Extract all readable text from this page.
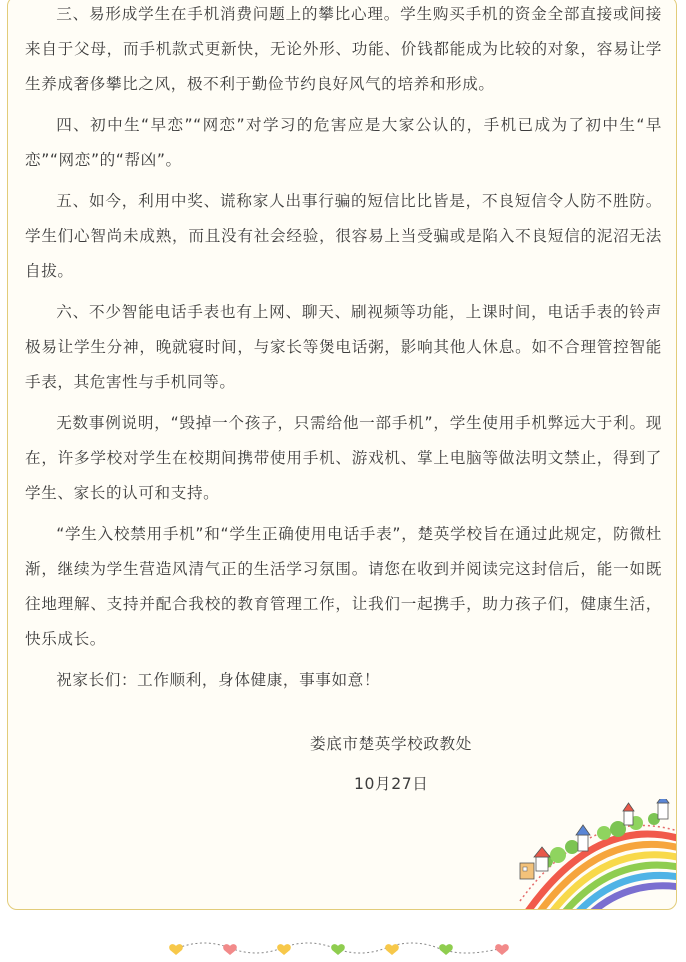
三、易形成学生在手机消费问题上的攀比心理。学生购买手机的资金全部直接或间接来自于父母，而手机款式更新快，无论外形、功能、价钱都能成为比较的对象，容易让学生养成奢侈攀比之风，极不利于勤俭节约良好风气的培养和形成。

四、初中生“早恋”“网恋”对学习的危害应是大家公认的，手机已成为了初中生“早恋”“网恋”的“帮凶”。

五、如今，利用中奖、谎称家人出事行骗的短信比比皆是，不良短信令人防不胜防。学生们心智尚未成熟，而且没有社会经验，很容易上当受骗或是陷入不良短信的泥沼无法自拔。

六、不少智能电话手表也有上网、聊天、刷视频等功能，上课时间，电话手表的铃声极易让学生分神，晚就寝时间，与家长等煲电话粥，影响其他人休息。如不合理管控智能手表，其危害性与手机同等。

无数事例说明，“毁掉一个孩子，只需给他一部手机”，学生使用手机弊远大于利。现在，许多学校对学生在校期间携带使用手机、游戏机、掌上电脑等做法明文禁止，得到了学生、家长的认可和支持。

“学生入校禁用手机”和“学生正确使用电话手表”，楚英学校旨在通过此规定，防微杜渐，继续为学生营造风清气正的生活学习氛围。请您在收到并阅读完这封信后，能一如既往地理解、支持并配合我校的教育管理工作，让我们一起携手，助力孩子们，健康生活，快乐成长。

祝家长们：工作顺利，身体健康，事事如意！

娄底市楚英学校政教处
10月27日
